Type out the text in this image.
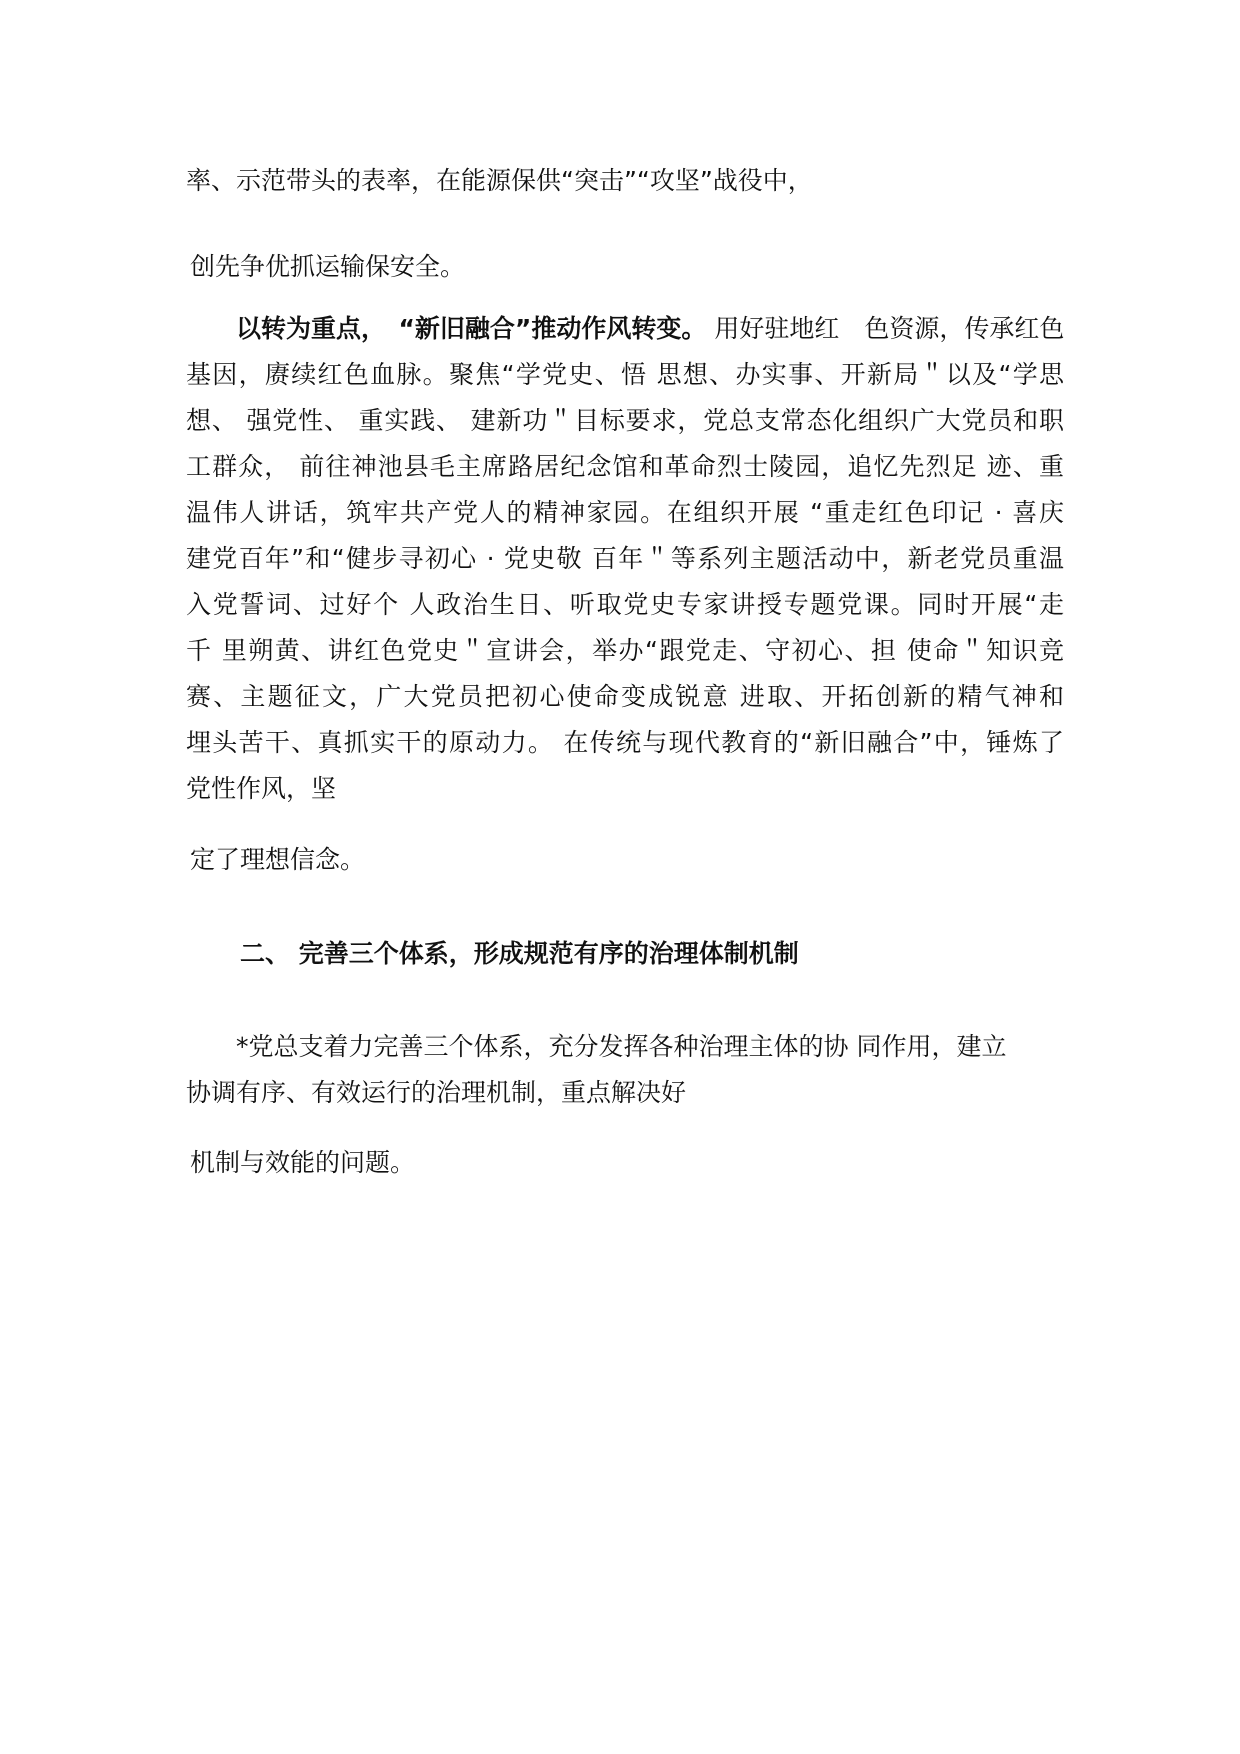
率、示范带头的表率，在能源保供“突击”“攻坚”战役中，

创先争优抓运输保安全。

以转为重点，　“新旧融合”推动作风转变。 用好驻地红　色资源，传承红色

基因，赓续红色血脉。聚焦“学党史、悟 思想、办实事、开新局＂以及“学思

想、 强党性、 重实践、 建新功＂目标要求，党总支常态化组织广大党员和职

工群众， 前往神池县毛主席路居纪念馆和革命烈士陵园，追忆先烈足 迹、重

温伟人讲话，筑牢共产党人的精神家园。在组织开展 “重走红色印记 · 喜庆

建党百年”和“健步寻初心 · 党史敬 百年＂等系列主题活动中，新老党员重温

入党誓词、过好个 人政治生日、听取党史专家讲授专题党课。同时开展“走

千 里朔黄、讲红色党史＂宣讲会，举办“跟党走、守初心、担 使命＂知识竞

赛、主题征文，广大党员把初心使命变成锐意 进取、开拓创新的精气神和

埋头苦干、真抓实干的原动力。 在传统与现代教育的“新旧融合”中，锤炼了

党性作风，坚

定了理想信念。

二、 完善三个体系，形成规范有序的治理体制机制

*党总支着力完善三个体系，充分发挥各种治理主体的协 同作用，建立

协调有序、有效运行的治理机制，重点解决好

机制与效能的问题。
